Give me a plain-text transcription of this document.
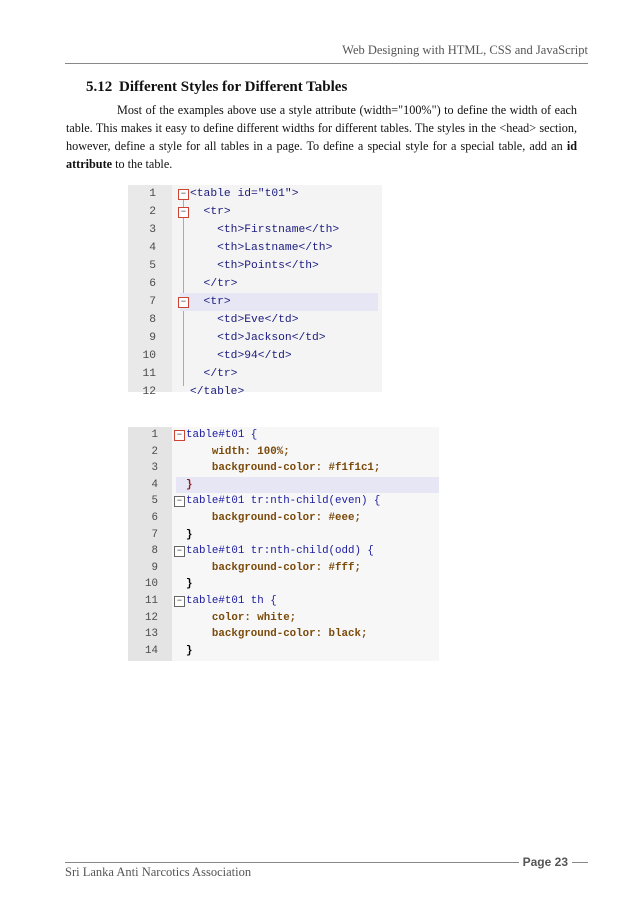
Web Designing with HTML, CSS and JavaScript
5.12 Different Styles for Different Tables
Most of the examples above use a style attribute (width="100%") to define the width of each table. This makes it easy to define different widths for different tables. The styles in the <head> section, however, define a style for all tables in a page. To define a special style for a special table, add an id attribute to the table.
1	− <table id="t01">
2	− <tr>
3	<th>Firstname</th>
4	<th>Lastname</th>
5	<th>Points</th>
6	</tr>
7	− <tr>
8	<td>Eve</td>
9	<td>Jackson</td>
10	<td>94</td>
11	</tr>
12	</table>
1	− table#t01 {
2	width: 100%;
3	background-color: #f1f1c1;
4	}
5	− table#t01 tr:nth-child(even) {
6	background-color: #eee;
7	}
8	− table#t01 tr:nth-child(odd) {
9	background-color: #fff;
10	}
11	− table#t01 th {
12	color: white;
13	background-color: black;
14	}
Page 23
Sri Lanka Anti Narcotics Association
